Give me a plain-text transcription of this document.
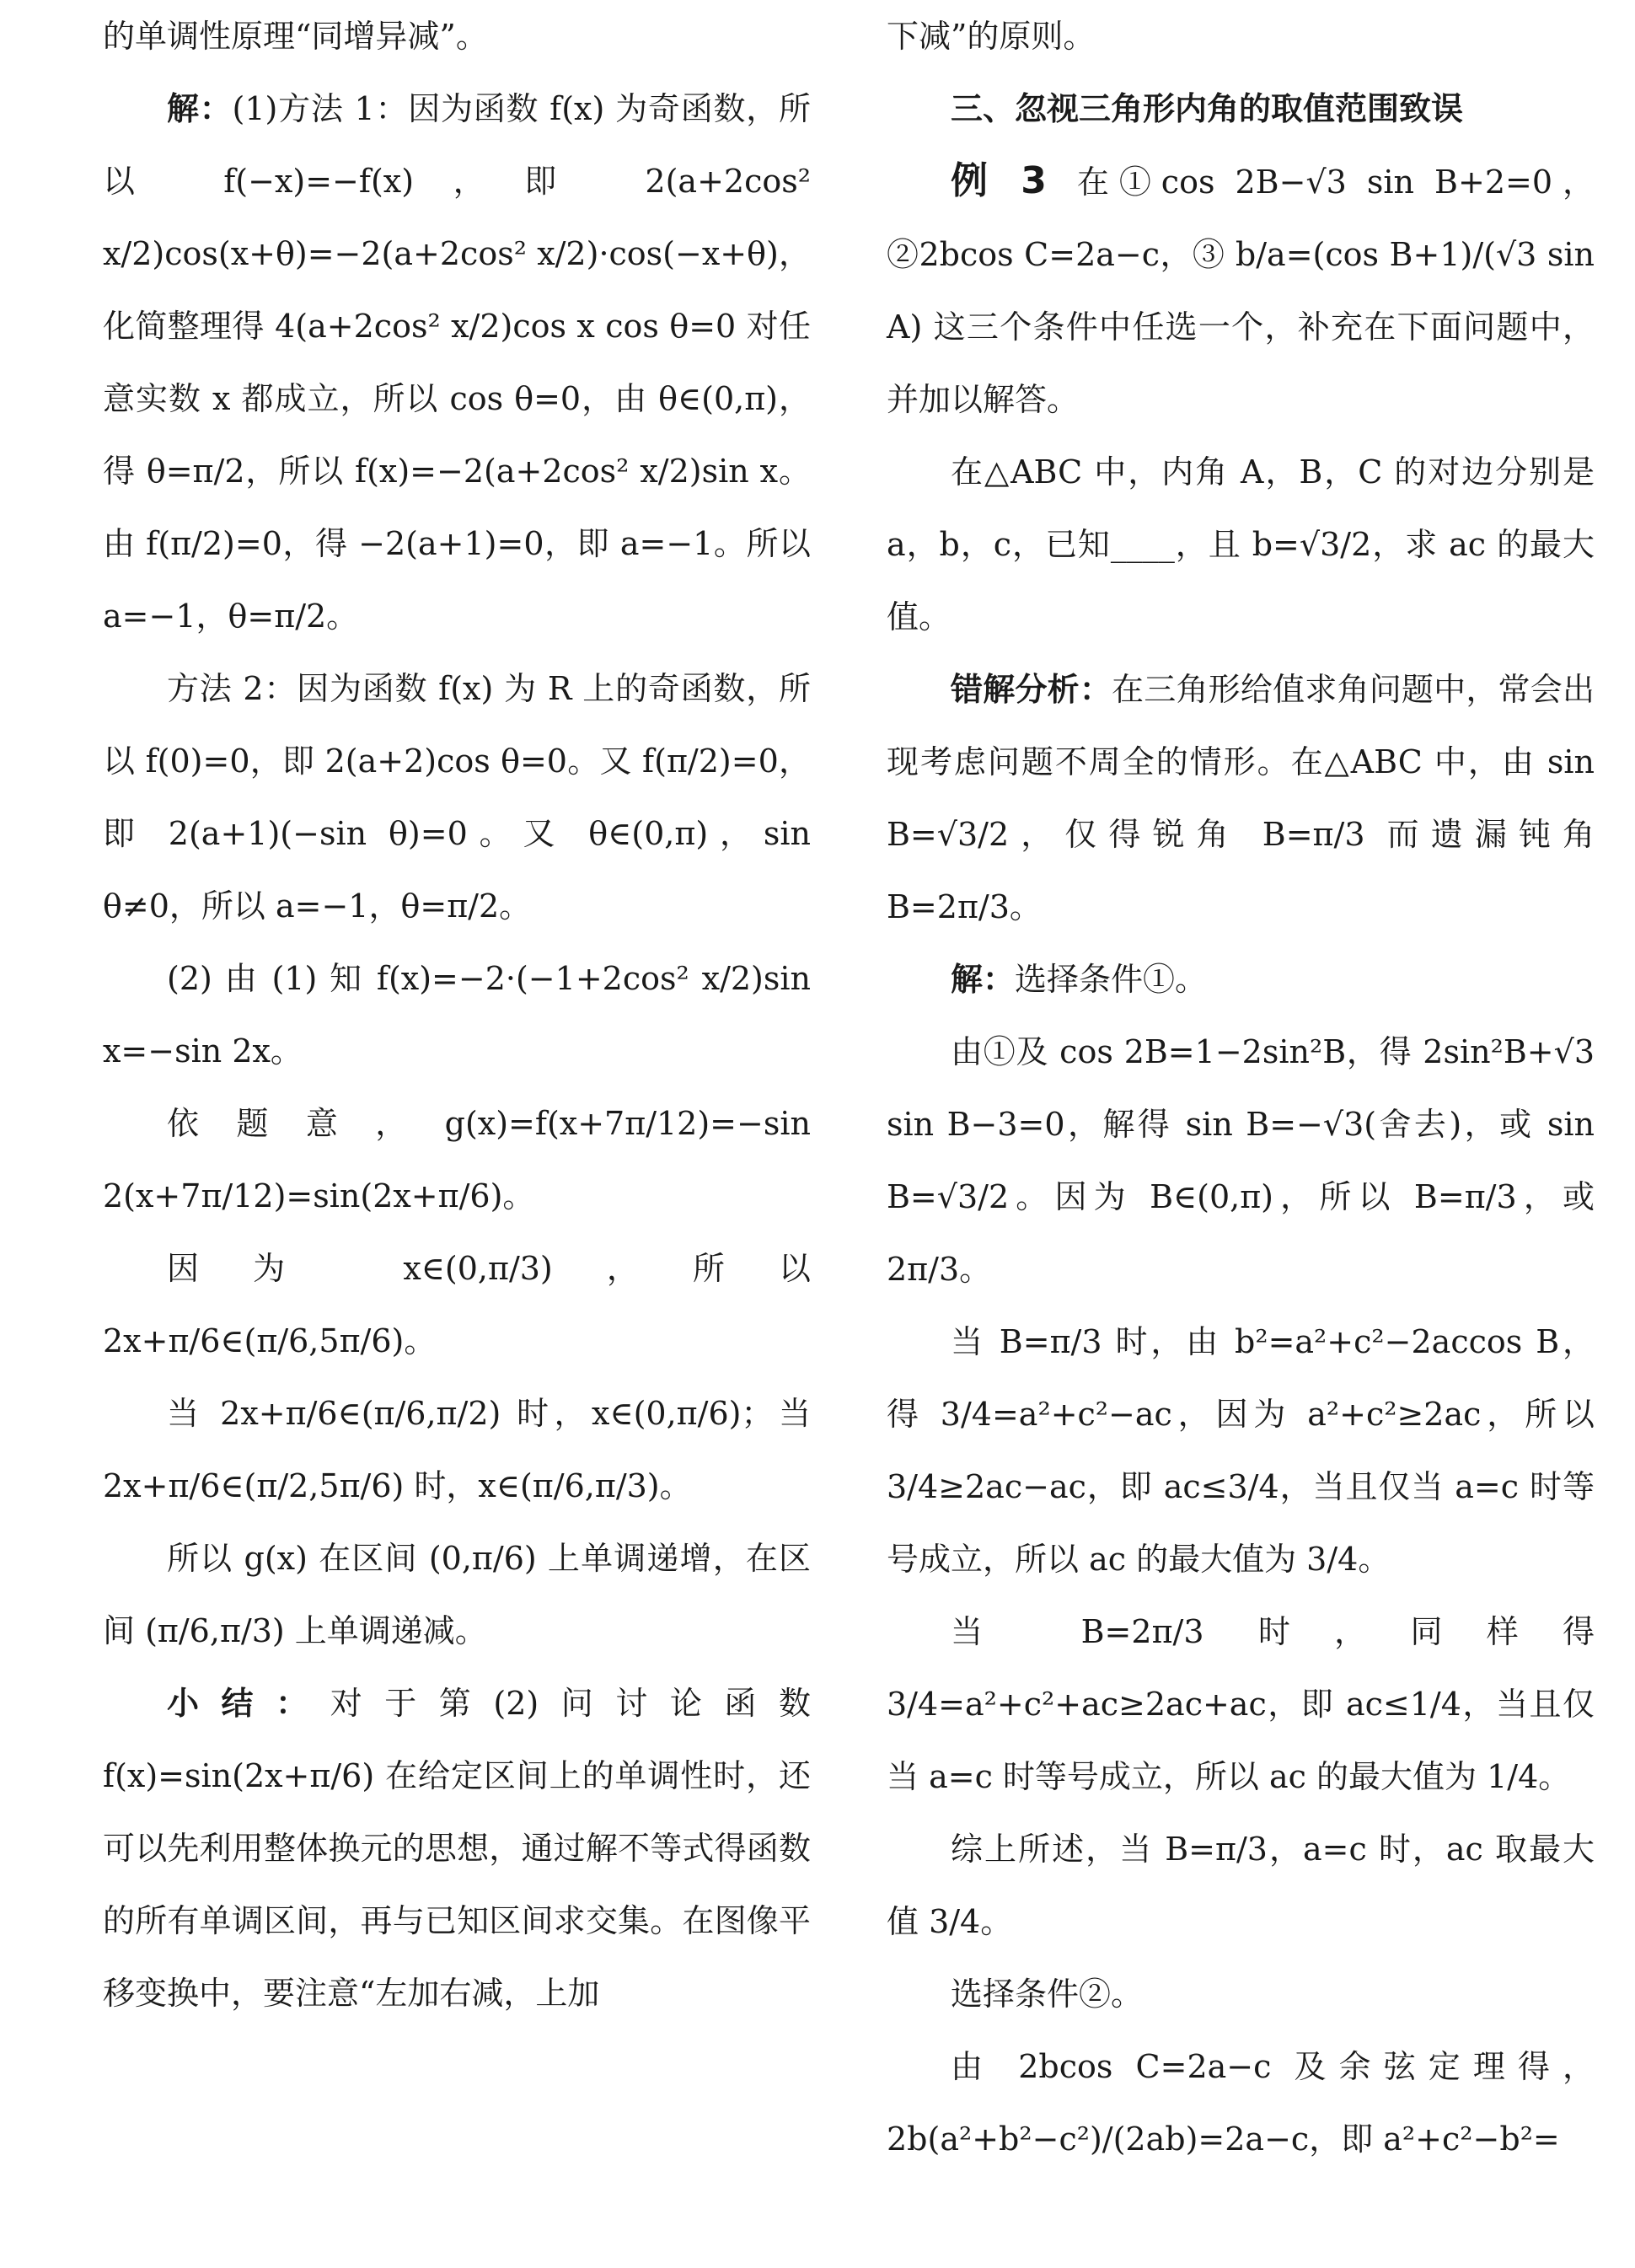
的单调性原理“同增异减”。

解：(1)方法 1：因为函数 f(x) 为奇函数，所以 f(−x)=−f(x)，即 2(a+2cos² x/2)cos(x+θ)=−2(a+2cos² x/2)·cos(−x+θ)，化简整理得 4(a+2cos² x/2)cos x cos θ=0 对任意实数 x 都成立，所以 cos θ=0，由 θ∈(0,π)，得 θ=π/2，所以 f(x)=−2(a+2cos² x/2)sin x。由 f(π/2)=0，得 −2(a+1)=0，即 a=−1。所以 a=−1，θ=π/2。

方法 2：因为函数 f(x) 为 R 上的奇函数，所以 f(0)=0，即 2(a+2)cos θ=0。又 f(π/2)=0，即 2(a+1)(−sin θ)=0。又 θ∈(0,π)，sin θ≠0，所以 a=−1，θ=π/2。

(2) 由 (1) 知 f(x)=−2·(−1+2cos² x/2)sin x=−sin 2x。

依题意，g(x)=f(x+7π/12)=−sin 2(x+7π/12)=sin(2x+π/6)。

因为 x∈(0,π/3)，所以 2x+π/6∈(π/6,5π/6)。

当 2x+π/6∈(π/6,π/2) 时，x∈(0,π/6)；当 2x+π/6∈(π/2,5π/6) 时，x∈(π/6,π/3)。

所以 g(x) 在区间 (0,π/6) 上单调递增，在区间 (π/6,π/3) 上单调递减。

小结：对于第(2)问讨论函数 f(x)=sin(2x+π/6) 在给定区间上的单调性时，还可以先利用整体换元的思想，通过解不等式得函数的所有单调区间，再与已知区间求交集。在图像平移变换中，要注意“左加右减，上加

下减”的原则。

三、忽视三角形内角的取值范围致误

例 3 在①cos 2B−√3 sin B+2=0，②2bcos C=2a−c，③ b/a=(cos B+1)/(√3 sin A) 这三个条件中任选一个，补充在下面问题中，并加以解答。

在△ABC 中，内角 A，B，C 的对边分别是 a，b，c，已知____，且 b=√3/2，求 ac 的最大值。

错解分析：在三角形给值求角问题中，常会出现考虑问题不周全的情形。在△ABC 中，由 sin B=√3/2，仅得锐角 B=π/3 而遗漏钝角 B=2π/3。

解：选择条件①。

由①及 cos 2B=1−2sin²B，得 2sin²B+√3 sin B−3=0，解得 sin B=−√3(舍去)，或 sin B=√3/2。因为 B∈(0,π)，所以 B=π/3，或 2π/3。

当 B=π/3 时，由 b²=a²+c²−2accos B，得 3/4=a²+c²−ac，因为 a²+c²≥2ac，所以 3/4≥2ac−ac，即 ac≤3/4，当且仅当 a=c 时等号成立，所以 ac 的最大值为 3/4。

当 B=2π/3 时，同样得 3/4=a²+c²+ac≥2ac+ac，即 ac≤1/4，当且仅当 a=c 时等号成立，所以 ac 的最大值为 1/4。

综上所述，当 B=π/3，a=c 时，ac 取最大值 3/4。

选择条件②。

由 2bcos C=2a−c 及余弦定理得，2b(a²+b²−c²)/(2ab)=2a−c，即 a²+c²−b²=
